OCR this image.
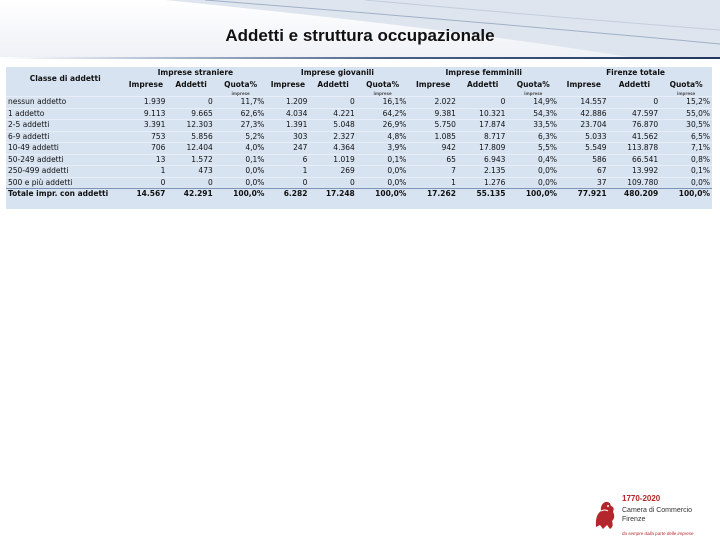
Addetti e struttura occupazionale
Classe di addetti	Imprese straniere			Imprese giovanili			Imprese femminili			Firenze totale		
	Imprese	Addetti	Quota%	Imprese	Addetti	Quota%	Imprese	Addetti	Quota%	Imprese	Addetti	Quota%
			imprese			imprese			imprese			imprese
nessun addetto	1.939	0	11,7%	1.209	0	16,1%	2.022	0	14,9%	14.557	0	15,2%
1 addetto	9.113	9.665	62,6%	4.034	4.221	64,2%	9.381	10.321	54,3%	42.886	47.597	55,0%
2-5 addetti	3.391	12.303	27,3%	1.391	5.048	26,9%	5.750	17.874	33,5%	23.704	76.870	30,5%
6-9 addetti	753	5.856	5,2%	303	2.327	4,8%	1.085	8.717	6,3%	5.033	41.562	6,5%
10-49 addetti	706	12.404	4,0%	247	4.364	3,9%	942	17.809	5,5%	5.549	113.878	7,1%
50-249 addetti	13	1.572	0,1%	6	1.019	0,1%	65	6.943	0,4%	586	66.541	0,8%
250-499 addetti	1	473	0,0%	1	269	0,0%	7	2.135	0,0%	67	13.992	0,1%
500 e più addetti	0	0	0,0%	0	0	0,0%	1	1.276	0,0%	37	109.780	0,0%
Totale impr. con addetti	14.567	42.291	100,0%	6.282	17.248	100,0%	17.262	55.135	100,0%	77.921	480.209	100,0%
1770-2020
Camera di Commercio
Firenze
da sempre dalla parte delle imprese
